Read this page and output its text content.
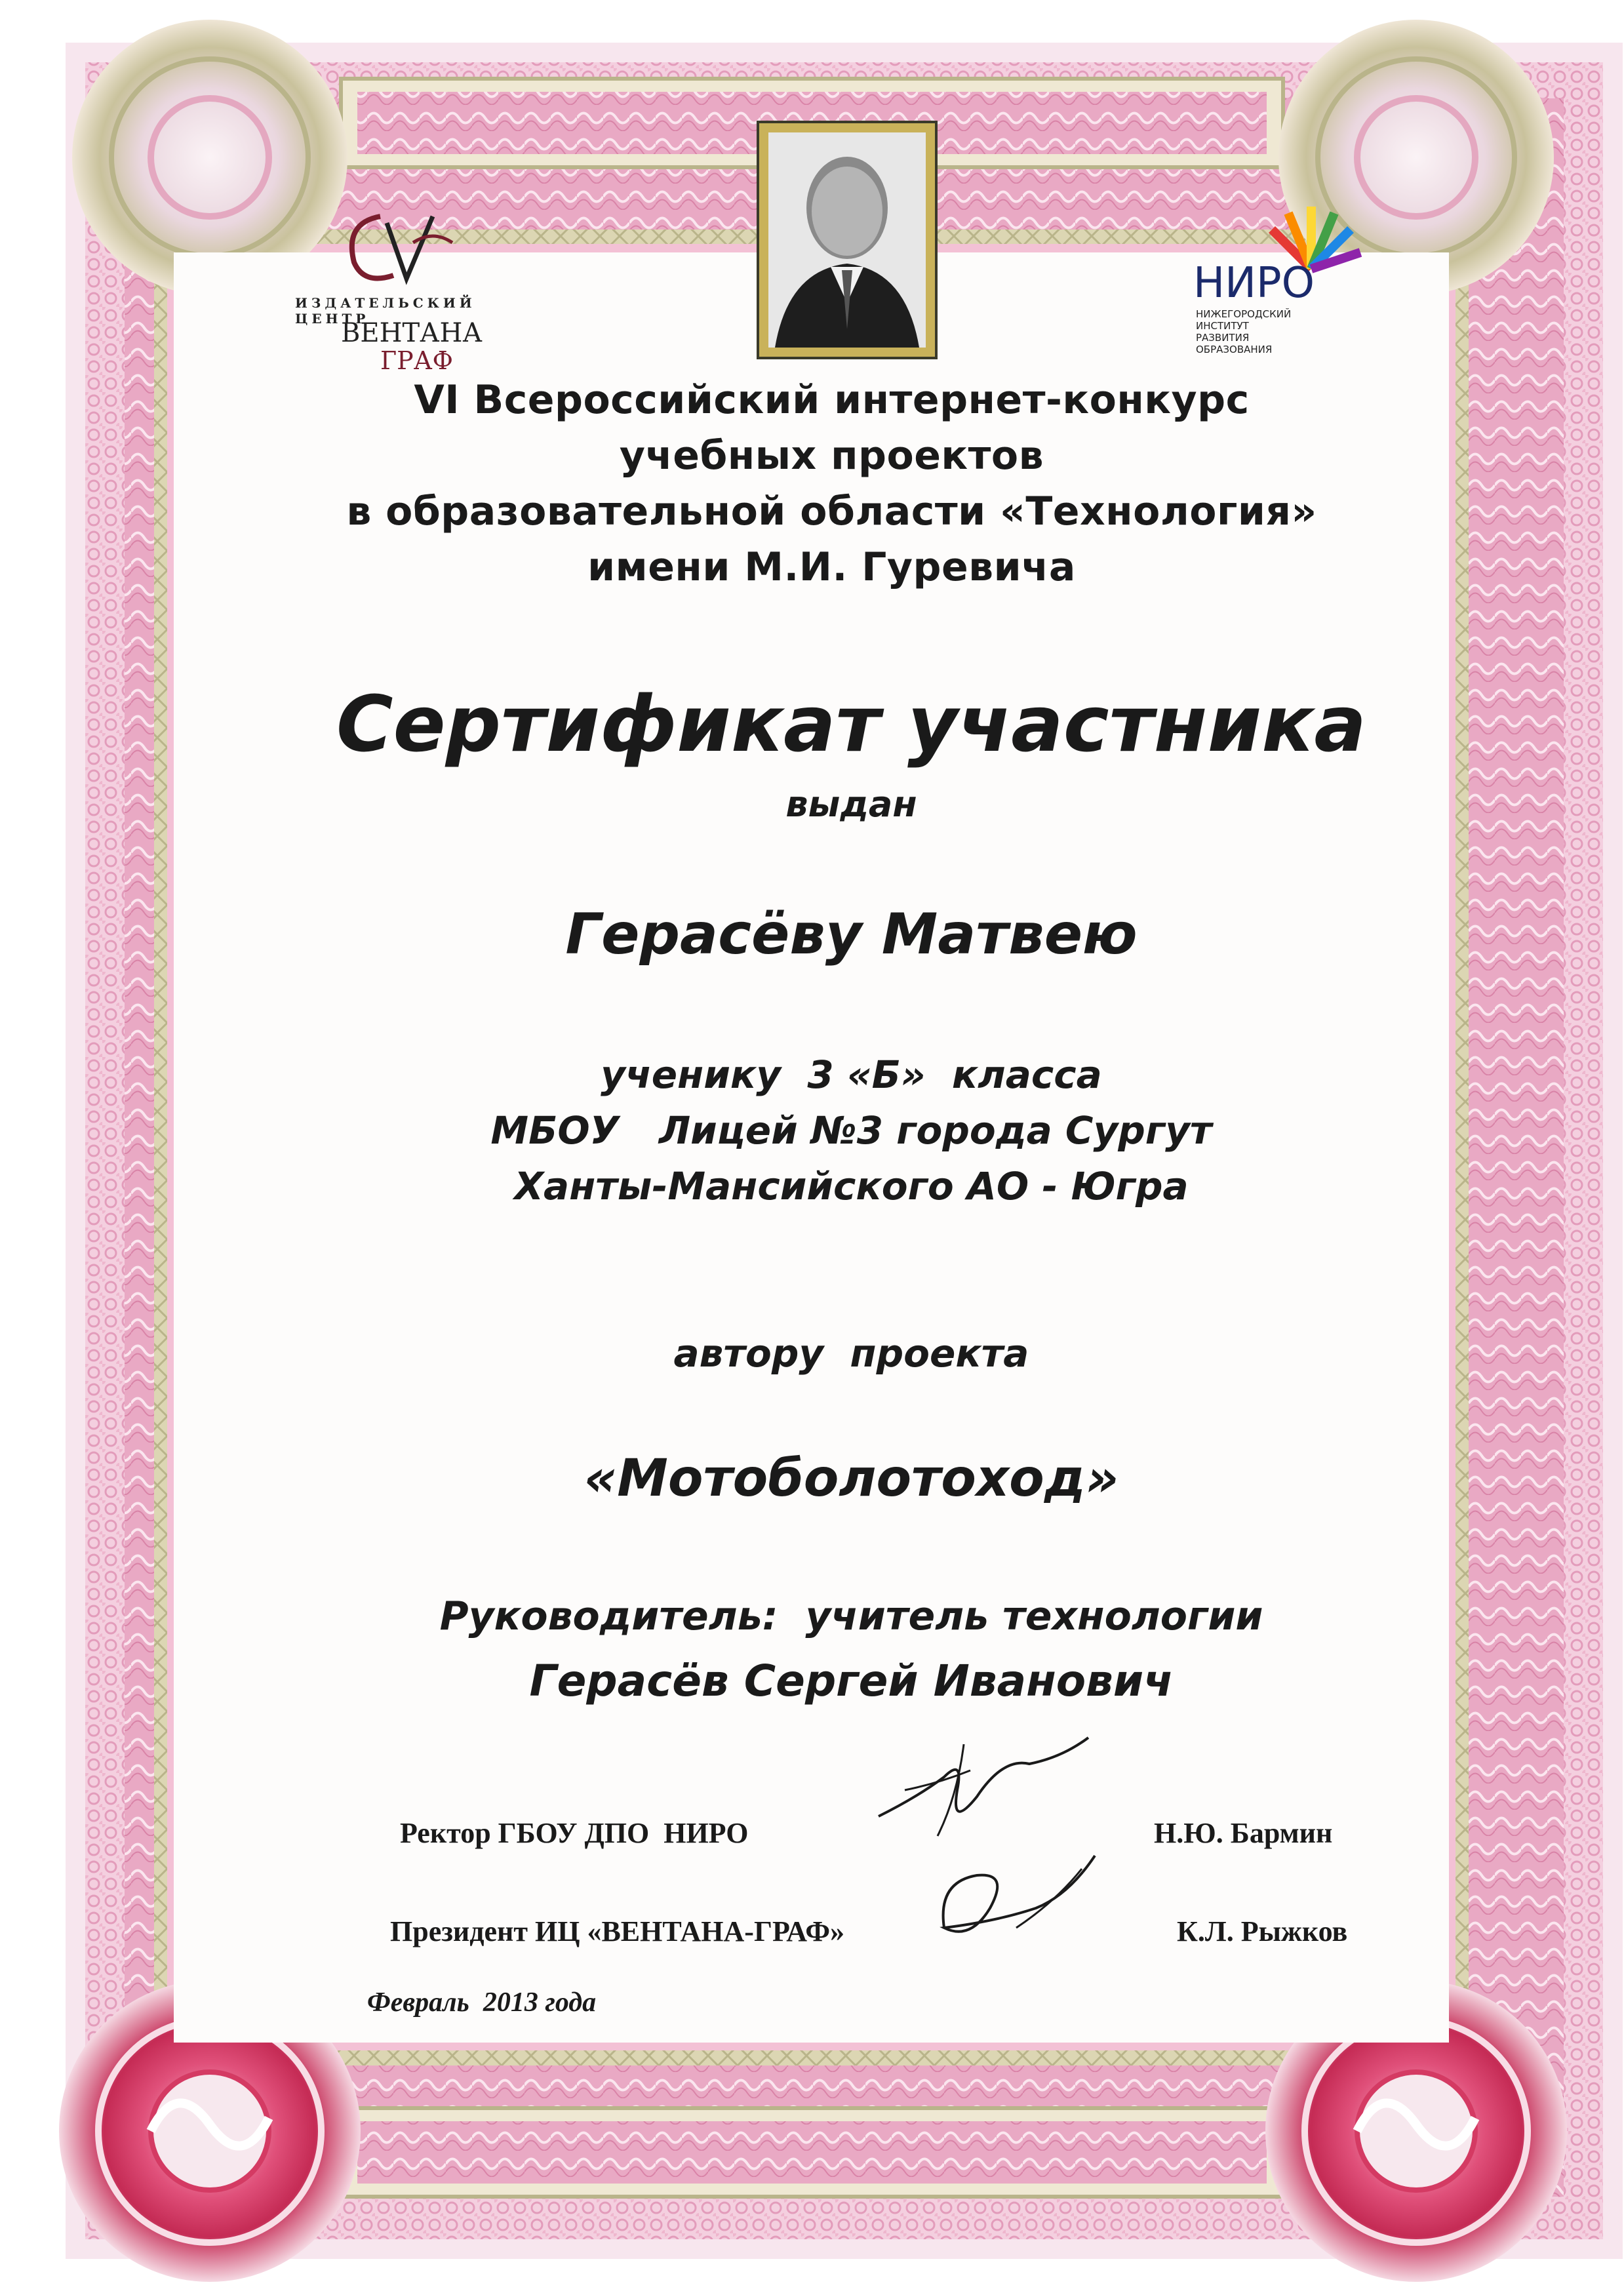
ИЗДАТЕЛЬСКИЙ ЦЕНТР
ВЕНТАНА
ГРАФ
НИРО
НИЖЕГОРОДСКИЙ
ИНСТИТУТ
РАЗВИТИЯ
ОБРАЗОВАНИЯ
VI Всероссийский интернет-конкурс
учебных проектов
в образовательной области «Технология»
имени М.И. Гуревича
Сертификат участника
выдан
Герасёву Матвею
ученику  3 «Б»  класса
МБОУ   Лицей №3 города Сургут
Ханты-Мансийского АО - Югра
автору  проекта
«Мотоболотоход»
Руководитель:  учитель технологии
Герасёв Сергей Иванович
Ректор ГБОУ ДПО  НИРО	Н.Ю. Бармин
Президент ИЦ «ВЕНТАНА-ГРАФ»	К.Л. Рыжков
Февраль  2013 года
